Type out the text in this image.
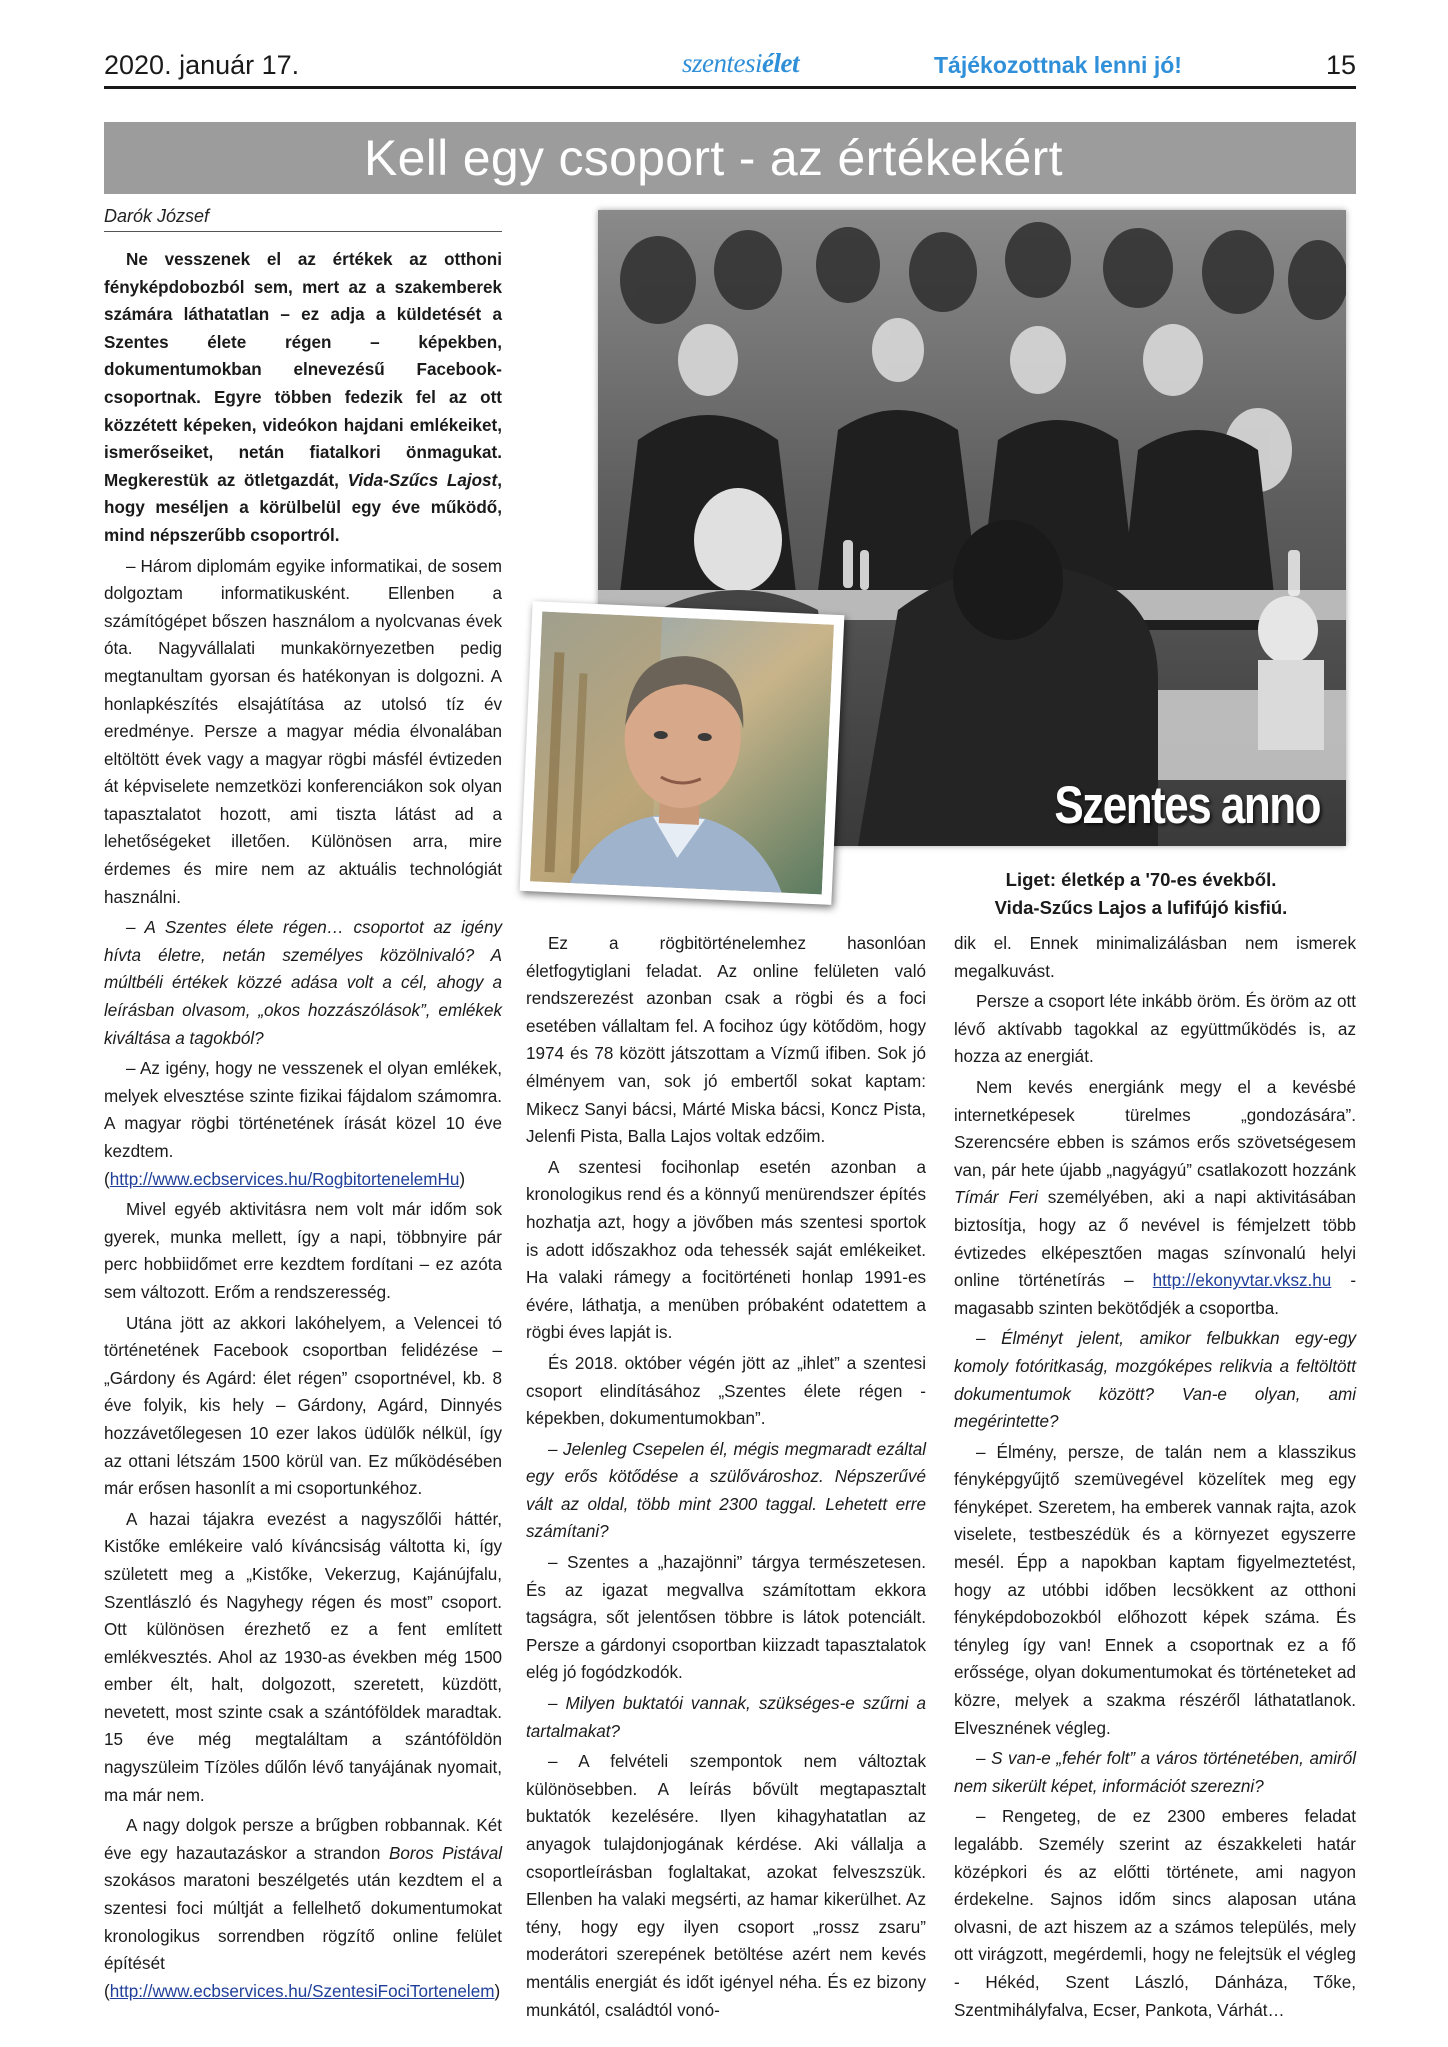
2020. január 17.	szentesiélet	Tájékozottnak lenni jó!	15
Kell egy csoport - az értékekért
Darók József
Szentes anno
Liget: életkép a '70-es évekből.
Vida-Szűcs Lajos a lufifújó kisfiú.

Ne vesszenek el az értékek az otthoni fényképdobozból sem, mert az a szakemberek számára láthatatlan – ez adja a küldetését a Szentes élete régen – képekben, dokumentumokban elnevezésű Facebook-csoportnak. Egyre többen fedezik fel az ott közzétett képeken, videókon hajdani emlékeiket, ismerőseiket, netán fiatalkori önmagukat. Megkerestük az ötletgazdát, Vida-Szűcs Lajost, hogy meséljen a körülbelül egy éve működő, mind népszerűbb csoportról.

– Három diplomám egyike informatikai, de sosem dolgoztam informatikusként. Ellenben a számítógépet bőszen használom a nyolcvanas évek óta. Nagyvállalati munkakörnyezetben pedig megtanultam gyorsan és hatékonyan is dolgozni. A honlapkészítés elsajátítása az utolsó tíz év eredménye. Persze a magyar média élvonalában eltöltött évek vagy a magyar rögbi másfél évtizeden át képviselete nemzetközi konferenciákon sok olyan tapasztalatot hozott, ami tiszta látást ad a lehetőségeket illetően. Különösen arra, mire érdemes és mire nem az aktuális technológiát használni.

– A Szentes élete régen… csoportot az igény hívta életre, netán személyes közölnivaló? A múltbéli értékek közzé adása volt a cél, ahogy a leírásban olvasom, „okos hozzászólások”, emlékek kiváltása a tagokból?

– Az igény, hogy ne vesszenek el olyan emlékek, melyek elvesztése szinte fizikai fájdalom számomra. A magyar rögbi történetének írását közel 10 éve kezdtem. (http://www.ecbservices.hu/RogbitortenelemHu)

Mivel egyéb aktivitásra nem volt már időm sok gyerek, munka mellett, így a napi, többnyire pár perc hobbiidőmet erre kezdtem fordítani – ez azóta sem változott. Erőm a rendszeresség.

Utána jött az akkori lakóhelyem, a Velencei tó történetének Facebook csoportban felidézése – „Gárdony és Agárd: élet régen” csoportnével, kb. 8 éve folyik, kis hely – Gárdony, Agárd, Dinnyés hozzávetőlegesen 10 ezer lakos üdülők nélkül, így az ottani létszám 1500 körül van. Ez működésében már erősen hasonlít a mi csoportunkéhoz.

A hazai tájakra evezést a nagyszőlői háttér, Kistőke emlékeire való kíváncsiság váltotta ki, így született meg a „Kistőke, Vekerzug, Kajánújfalu, Szentlászló és Nagyhegy régen és most” csoport. Ott különösen érezhető ez a fent említett emlékvesztés. Ahol az 1930-as években még 1500 ember élt, halt, dolgozott, szeretett, küzdött, nevetett, most szinte csak a szántóföldek maradtak. 15 éve még megtaláltam a szántóföldön nagyszüleim Tízöles dűlőn lévő tanyájának nyomait, ma már nem.

A nagy dolgok persze a brűgben robbannak. Két éve egy hazautazáskor a strandon Boros Pistával szokásos maratoni beszélgetés után kezdtem el a szentesi foci múltját a fellelhető dokumentumokat kronologikus sorrendben rögzítő online felület építését (http://www.ecbservices.hu/SzentesiFociTortenelem)

Ez a rögbitörténelemhez hasonlóan életfogytiglani feladat. Az online felületen való rendszerezést azonban csak a rögbi és a foci esetében vállaltam fel. A focihoz úgy kötődöm, hogy 1974 és 78 között játszottam a Vízmű ifiben. Sok jó élményem van, sok jó embertől sokat kaptam: Mikecz Sanyi bácsi, Márté Miska bácsi, Koncz Pista, Jelenfi Pista, Balla Lajos voltak edzőim.

A szentesi focihonlap esetén azonban a kronologikus rend és a könnyű menürendszer építés hozhatja azt, hogy a jövőben más szentesi sportok is adott időszakhoz oda tehessék saját emlékeiket. Ha valaki rámegy a focitörténeti honlap 1991-es évére, láthatja, a menüben próbaként odatettem a rögbi éves lapját is.

És 2018. október végén jött az „ihlet” a szentesi csoport elindításához „Szentes élete régen - képekben, dokumentumokban”.

– Jelenleg Csepelen él, mégis megmaradt ezáltal egy erős kötődése a szülővároshoz. Népszerűvé vált az oldal, több mint 2300 taggal. Lehetett erre számítani?

– Szentes a „hazajönni” tárgya természetesen. És az igazat megvallva számítottam ekkora tagságra, sőt jelentősen többre is látok potenciált. Persze a gárdonyi csoportban kiizzadt tapasztalatok elég jó fogódzkodók.

– Milyen buktatói vannak, szükséges-e szűrni a tartalmakat?

– A felvételi szempontok nem változtak különösebben. A leírás bővült megtapasztalt buktatók kezelésére. Ilyen kihagyhatatlan az anyagok tulajdonjogának kérdése. Aki vállalja a csoportleírásban foglaltakat, azokat felveszszük. Ellenben ha valaki megsérti, az hamar kikerülhet. Az tény, hogy egy ilyen csoport „rossz zsaru” moderátori szerepének betöltése azért nem kevés mentális energiát és időt igényel néha. És ez bizony munkától, családtól vonó-

dik el. Ennek minimalizálásban nem ismerek megalkuvást.

Persze a csoport léte inkább öröm. És öröm az ott lévő aktívabb tagokkal az együttműködés is, az hozza az energiát.

Nem kevés energiánk megy el a kevésbé internetképesek türelmes „gondozására”. Szerencsére ebben is számos erős szövetségesem van, pár hete újabb „nagyágyú” csatlakozott hozzánk Tímár Feri személyében, aki a napi aktivitásában biztosítja, hogy az ő nevével is fémjelzett több évtizedes elképesztően magas színvonalú helyi online történetírás – http://ekonyvtar.vksz.hu - magasabb szinten bekötődjék a csoportba.

– Élményt jelent, amikor felbukkan egy-egy komoly fotóritkaság, mozgóképes relikvia a feltöltött dokumentumok között? Van-e olyan, ami megérintette?

– Élmény, persze, de talán nem a klasszikus fényképgyűjtő szemüvegével közelítek meg egy fényképet. Szeretem, ha emberek vannak rajta, azok viselete, testbeszédük és a környezet egyszerre mesél. Épp a napokban kaptam figyelmeztetést, hogy az utóbbi időben lecsökkent az otthoni fényképdobozokból előhozott képek száma. És tényleg így van! Ennek a csoportnak ez a fő erőssége, olyan dokumentumokat és történeteket ad közre, melyek a szakma részéről láthatatlanok. Elvesznének végleg.

– S van-e „fehér folt” a város történetében, amiről nem sikerült képet, információt szerezni?

– Rengeteg, de ez 2300 emberes feladat legalább. Személy szerint az északkeleti határ középkori és az előtti története, ami nagyon érdekelne. Sajnos időm sincs alaposan utána olvasni, de azt hiszem az a számos település, mely ott virágzott, megérdemli, hogy ne felejtsük el végleg - Hékéd, Szent László, Dánháza, Tőke, Szentmihályfalva, Ecser, Pankota, Várhát…
